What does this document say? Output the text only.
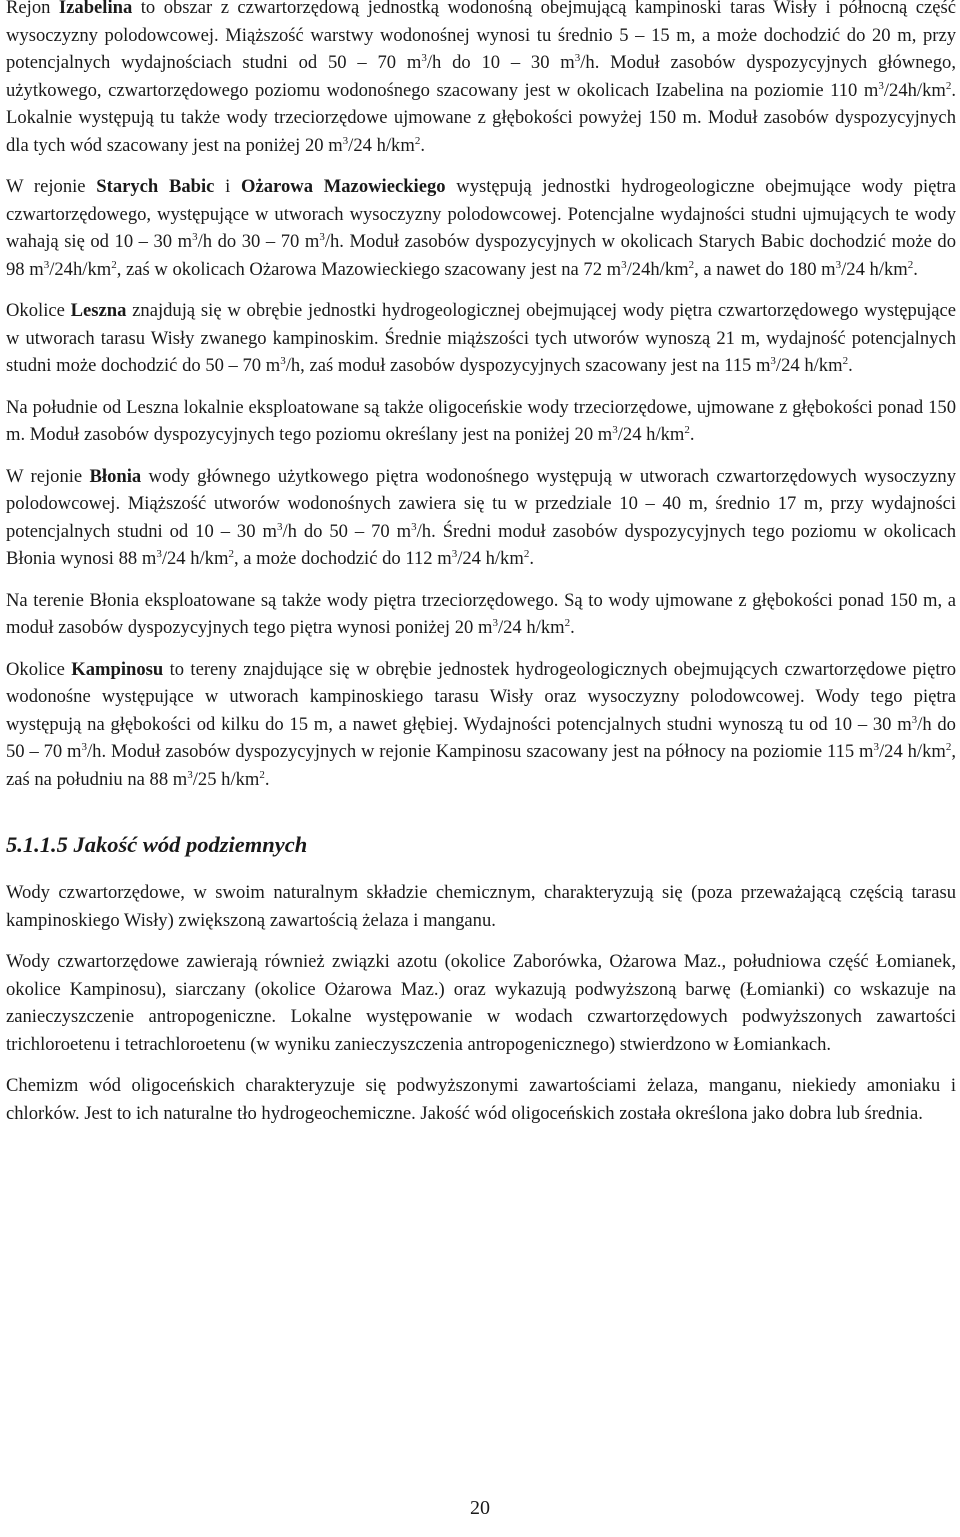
Rejon Izabelina to obszar z czwartorzędową jednostką wodonośną obejmującą kampinoski taras Wisły i północną część wysoczyzny polodowcowej. Miąższość warstwy wodonośnej wynosi tu średnio 5 – 15 m, a może dochodzić do 20 m, przy potencjalnych wydajnościach studni od 50 – 70 $m^3/h$ do 10 – 30 $m^3/h$. Moduł zasobów dyspozycyjnych głównego, użytkowego, czwartorzędowego poziomu wodonośnego szacowany jest w okolicach Izabelina na poziomie 110 $m^3/24h/km^2$. Lokalnie występują tu także wody trzeciorzędowe ujmowane z głębokości powyżej 150 m. Moduł zasobów dyspozycyjnych dla tych wód szacowany jest na poniżej 20 $m^3/24$ $h/km^2$.

W rejonie Starych Babic i Ożarowa Mazowieckiego występują jednostki hydrogeologiczne obejmujące wody piętra czwartorzędowego, występujące w utworach wysoczyzny polodowcowej. Potencjalne wydajności studni ujmujących te wody wahają się od 10 – 30 $m^3/h$ do 30 – 70 $m^3/h$. Moduł zasobów dyspozycyjnych w okolicach Starych Babic dochodzić może do 98 $m^3/24h/km^2$, zaś w okolicach Ożarowa Mazowieckiego szacowany jest na 72 $m^3/24h/km^2$, a nawet do 180 $m^3/24$ $h/km^2$.

Okolice Leszna znajdują się w obrębie jednostki hydrogeologicznej obejmującej wody piętra czwartorzędowego występujące w utworach tarasu Wisły zwanego kampinoskim. Średnie miąższości tych utworów wynoszą 21 m, wydajność potencjalnych studni może dochodzić do 50 – 70 $m^3/h$, zaś moduł zasobów dyspozycyjnych szacowany jest na 115 $m^3/24$ $h/km^2$.

Na południe od Leszna lokalnie eksploatowane są także oligoceńskie wody trzeciorzędowe, ujmowane z głębokości ponad 150 m. Moduł zasobów dyspozycyjnych tego poziomu określany jest na poniżej 20 $m^3/24$ $h/km^2$.

W rejonie Błonia wody głównego użytkowego piętra wodonośnego występują w utworach czwartorzędowych wysoczyzny polodowcowej. Miąższość utworów wodonośnych zawiera się tu w przedziale 10 – 40 m, średnio 17 m, przy wydajności potencjalnych studni od 10 – 30 $m^3/h$ do 50 – 70 $m^3/h$. Średni moduł zasobów dyspozycyjnych tego poziomu w okolicach Błonia wynosi 88 $m^3/24$ $h/km^2$, a może dochodzić do 112 $m^3/24$ $h/km^2$.

Na terenie Błonia eksploatowane są także wody piętra trzeciorzędowego. Są to wody ujmowane z głębokości ponad 150 m, a moduł zasobów dyspozycyjnych tego piętra wynosi poniżej 20 $m^3/24$ $h/km^2$.

Okolice Kampinosu to tereny znajdujące się w obrębie jednostek hydrogeologicznych obejmujących czwartorzędowe piętro wodonośne występujące w utworach kampinoskiego tarasu Wisły oraz wysoczyzny polodowcowej. Wody tego piętra występują na głębokości od kilku do 15 m, a nawet głębiej. Wydajności potencjalnych studni wynoszą tu od 10 – 30 $m^3/h$ do 50 – 70 $m^3/h$. Moduł zasobów dyspozycyjnych w rejonie Kampinosu szacowany jest na północy na poziomie 115 $m^3/24$ $h/km^2$, zaś na południu na 88 $m^3/25$ $h/km^2$.

5.1.1.5 Jakość wód podziemnych

Wody czwartorzędowe, w swoim naturalnym składzie chemicznym, charakteryzują się (poza przeważającą częścią tarasu kampinoskiego Wisły) zwiększoną zawartością żelaza i manganu.

Wody czwartorzędowe zawierają również związki azotu (okolice Zaborówka, Ożarowa Maz., południowa część Łomianek, okolice Kampinosu), siarczany (okolice Ożarowa Maz.) oraz wykazują podwyższoną barwę (Łomianki) co wskazuje na zanieczyszczenie antropogeniczne. Lokalne występowanie w wodach czwartorzędowych podwyższonych zawartości trichloroetenu i tetrachloroetenu (w wyniku zanieczyszczenia antropogenicznego) stwierdzono w Łomiankach.

Chemizm wód oligoceńskich charakteryzuje się podwyższonymi zawartościami żelaza, manganu, niekiedy amoniaku i chlorków. Jest to ich naturalne tło hydrogeochemiczne. Jakość wód oligoceńskich została określona jako dobra lub średnia.

20
